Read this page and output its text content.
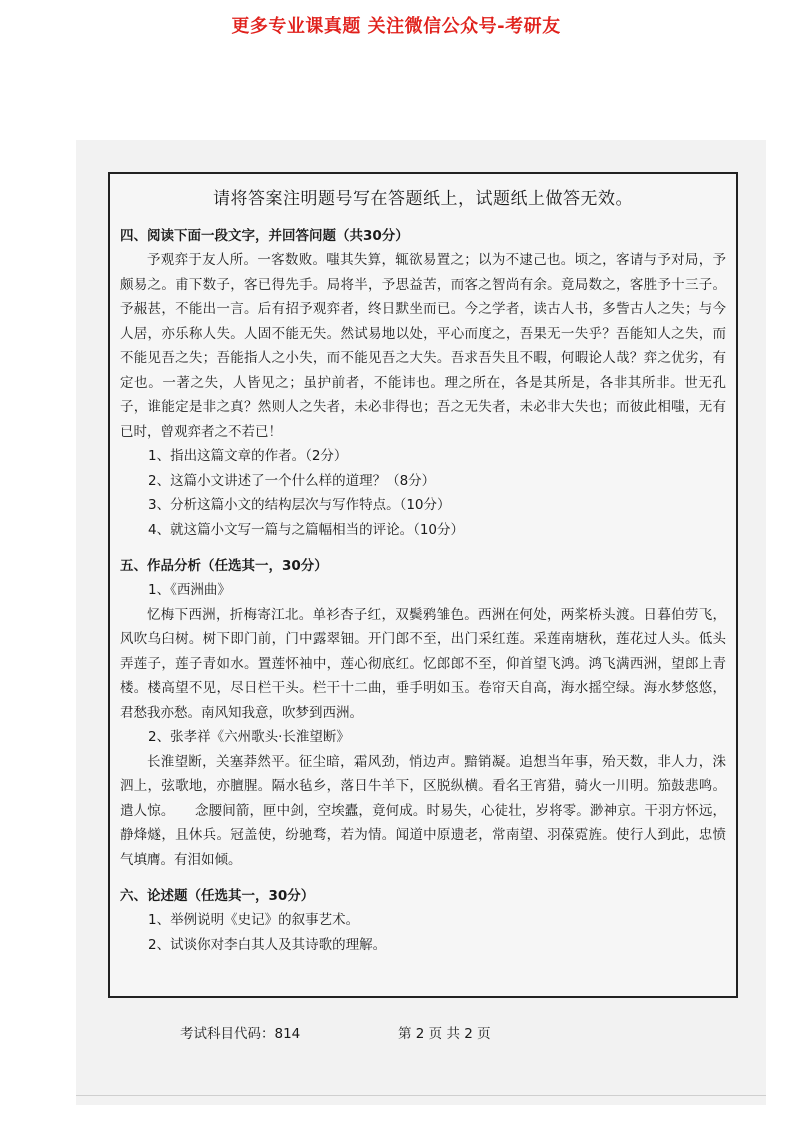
更多专业课真题 关注微信公众号-考研友
请将答案注明题号写在答题纸上，试题纸上做答无效。
四、阅读下面一段文字，并回答问题（共30分）

予观弈于友人所。一客数败。嗤其失算，辄欲易置之；以为不逮己也。顷之，客请与予对局，予颇易之。甫下数子，客已得先手。局将半，予思益苦，而客之智尚有余。竟局数之，客胜予十三子。予赧甚，不能出一言。后有招予观弈者，终日默坐而已。今之学者，读古人书，多訾古人之失；与今人居，亦乐称人失。人固不能无失。然试易地以处，平心而度之，吾果无一失乎？吾能知人之失，而不能见吾之失；吾能指人之小失，而不能见吾之大失。吾求吾失且不暇，何暇论人哉？弈之优劣，有定也。一著之失，人皆见之；虽护前者，不能讳也。理之所在，各是其所是，各非其所非。世无孔子，谁能定是非之真？然则人之失者，未必非得也；吾之无失者，未必非大失也；而彼此相嗤，无有已时，曾观弈者之不若已！

1、指出这篇文章的作者。（2分）
2、这篇小文讲述了一个什么样的道理？（8分）
3、分析这篇小文的结构层次与写作特点。（10分）
4、就这篇小文写一篇与之篇幅相当的评论。（10分）
五、作品分析（任选其一，30分）
1、《西洲曲》

忆梅下西洲，折梅寄江北。单衫杏子红，双鬓鸦雏色。西洲在何处，两桨桥头渡。日暮伯劳飞，风吹乌臼树。树下即门前，门中露翠钿。开门郎不至，出门采红莲。采莲南塘秋，莲花过人头。低头弄莲子，莲子青如水。置莲怀袖中，莲心彻底红。忆郎郎不至，仰首望飞鸿。鸿飞满西洲，望郎上青楼。楼高望不见，尽日栏干头。栏干十二曲，垂手明如玉。卷帘天自高，海水摇空绿。海水梦悠悠，君愁我亦愁。南风知我意，吹梦到西洲。

2、张孝祥《六州歌头·长淮望断》

长淮望断，关塞莽然平。征尘暗，霜风劲，悄边声。黯销凝。追想当年事，殆天数，非人力，洙泗上，弦歌地，亦膻腥。隔水毡乡，落日牛羊下，区脱纵横。看名王宵猎，骑火一川明。笳鼓悲鸣。遣人惊。　　念腰间箭，匣中剑，空埃蠹，竟何成。时易失，心徒壮，岁将零。渺神京。干羽方怀远，静烽燧，且休兵。冠盖使，纷驰骛，若为情。闻道中原遗老，常南望、羽葆霓旌。使行人到此，忠愤气填膺。有泪如倾。

六、论述题（任选其一，30分）
1、举例说明《史记》的叙事艺术。
2、试谈你对李白其人及其诗歌的理解。
考试科目代码：814	第 2 页 共 2 页
